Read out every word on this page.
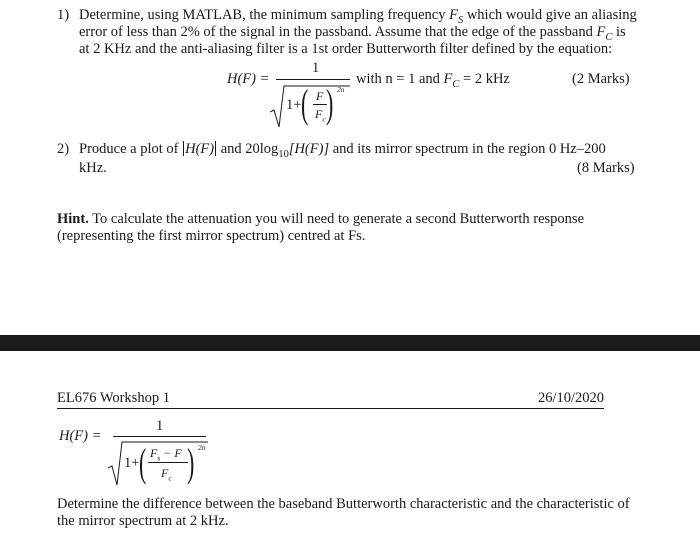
1) Determine, using MATLAB, the minimum sampling frequency $F_S$ which would give an aliasing
error of less than 2% of the signal in the passband. Assume that the edge of the passband $F_C$ is
at 2 KHz and the anti-aliasing filter is a 1st order Butterworth filter defined by the equation:
H(F) =
1
1+ ( F
$F_c$ ) 2n
with n = 1 and $F_C = 2$ kHz	(2 Marks)
2) Produce a plot of H(F) and $20\log_{10}[H(F)]$ and its mirror spectrum in the region 0 Hz–200
kHz.	(8 Marks)
Hint. To calculate the attenuation you will need to generate a second Butterworth response
(representing the first mirror spectrum) centred at Fs.
EL676 Workshop 1	26/10/2020
H(F) =
1
1+ ( $F_s - F$
$F_c$ ) 2n
Determine the difference between the baseband Butterworth characteristic and the characteristic of
the mirror spectrum at 2 kHz.
